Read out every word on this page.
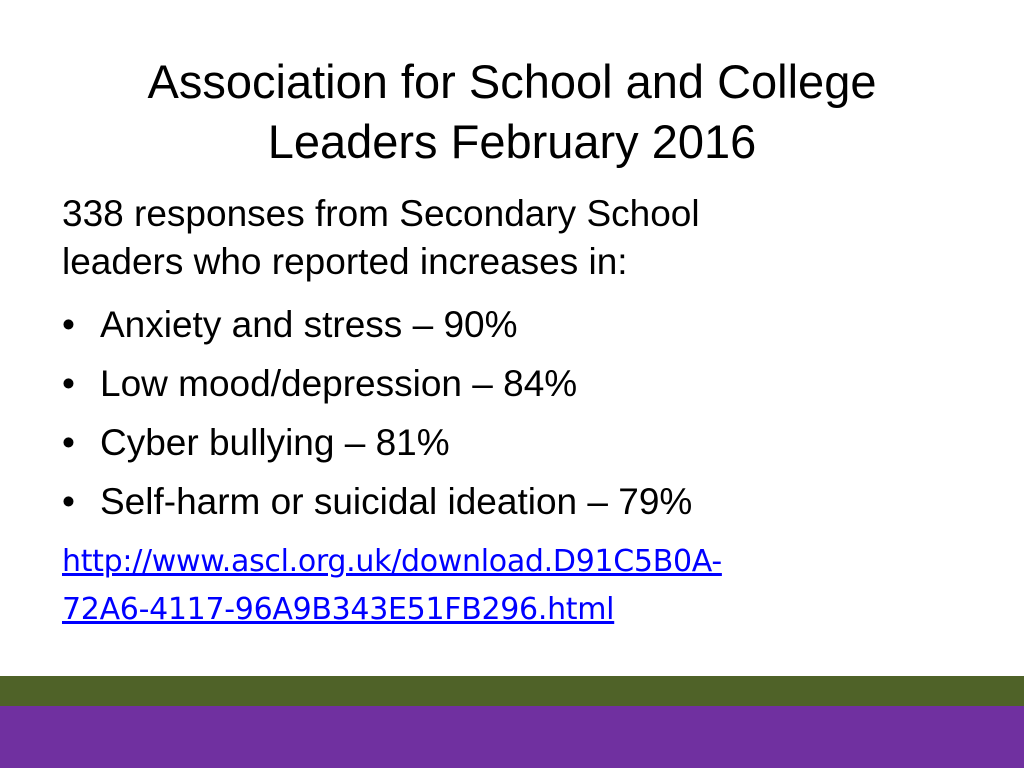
Association for School and College
Leaders February 2016

338 responses from Secondary School
leaders who reported increases in:

• Anxiety and stress – 90%
• Low mood/depression – 84%
• Cyber bullying – 81%
• Self-harm or suicidal ideation – 79%
http://www.ascl.org.uk/download.D91C5B0A-
72A6-4117-96A9B343E51FB296.html
